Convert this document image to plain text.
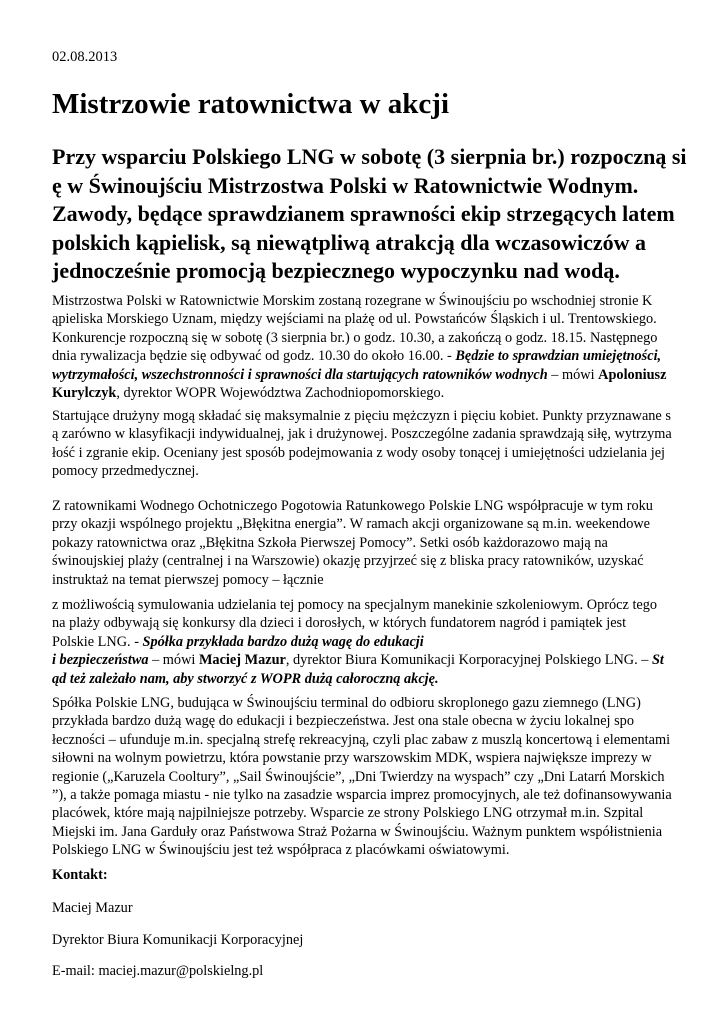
02.08.2013
Mistrzowie ratownictwa w akcji
Przy wsparciu Polskiego LNG w sobotę (3 sierpnia br.) rozpoczną si
ę w Świnoujściu Mistrzostwa Polski w Ratownictwie Wodnym.
Zawody, będące sprawdzianem sprawności ekip strzegących latem
polskich kąpielisk, są niewątpliwą atrakcją dla wczasowiczów a
jednocześnie promocją bezpiecznego wypoczynku nad wodą.
Mistrzostwa Polski w Ratownictwie Morskim zostaną rozegrane w Świnoujściu po wschodniej stronie K
ąpieliska Morskiego Uznam, między wejściami na plażę od ul. Powstańców Śląskich i ul. Trentowskiego.
Konkurencje rozpoczną się w sobotę (3 sierpnia br.) o godz. 10.30, a zakończą o godz. 18.15. Następnego
dnia rywalizacja będzie się odbywać od godz. 10.30 do około 16.00. - Będzie to sprawdzian umiejętności,
wytrzymałości, wszechstronności i sprawności dla startujących ratowników wodnych – mówi Apoloniusz
Kurylczyk, dyrektor WOPR Województwa Zachodniopomorskiego.
Startujące drużyny mogą składać się maksymalnie z pięciu mężczyzn i pięciu kobiet. Punkty przyznawane s
ą zarówno w klasyfikacji indywidualnej, jak i drużynowej. Poszczególne zadania sprawdzają siłę, wytrzyma
łość i zgranie ekip. Oceniany jest sposób podejmowania z wody osoby tonącej i umiejętności udzielania jej
pomocy przedmedycznej.
Z ratownikami Wodnego Ochotniczego Pogotowia Ratunkowego Polskie LNG współpracuje w tym roku
przy okazji wspólnego projektu „Błękitna energia”. W ramach akcji organizowane są m.in. weekendowe
pokazy ratownictwa oraz „Błękitna Szkoła Pierwszej Pomocy”. Setki osób każdorazowo mają na
świnoujskiej plaży (centralnej i na Warszowie) okazję przyjrzeć się z bliska pracy ratowników, uzyskać
instruktaż na temat pierwszej pomocy – łącznie
z możliwością symulowania udzielania tej pomocy na specjalnym manekinie szkoleniowym. Oprócz tego
na plaży odbywają się konkursy dla dzieci i dorosłych, w których fundatorem nagród i pamiątek jest
Polskie LNG. - Spółka przykłada bardzo dużą wagę do edukacji
i bezpieczeństwa – mówi Maciej Mazur, dyrektor Biura Komunikacji Korporacyjnej Polskiego LNG. – St
ąd też zależało nam, aby stworzyć z WOPR dużą całoroczną akcję.
Spółka Polskie LNG, budująca w Świnoujściu terminal do odbioru skroplonego gazu ziemnego (LNG)
przykłada bardzo dużą wagę do edukacji i bezpieczeństwa. Jest ona stale obecna w życiu lokalnej spo
łeczności – ufunduje m.in. specjalną strefę rekreacyjną, czyli plac zabaw z muszlą koncertową i elementami
siłowni na wolnym powietrzu, która powstanie przy warszowskim MDK, wspiera największe imprezy w
regionie („Karuzela Cooltury”, „Sail Świnoujście”, „Dni Twierdzy na wyspach” czy „Dni Latarń Morskich
”), a także pomaga miastu - nie tylko na zasadzie wsparcia imprez promocyjnych, ale też dofinansowywania
placówek, które mają najpilniejsze potrzeby. Wsparcie ze strony Polskiego LNG otrzymał m.in. Szpital
Miejski im. Jana Garduły oraz Państwowa Straż Pożarna w Świnoujściu. Ważnym punktem współistnienia
Polskiego LNG w Świnoujściu jest też współpraca z placówkami oświatowymi.
Kontakt:
Maciej Mazur
Dyrektor Biura Komunikacji Korporacyjnej
E-mail: maciej.mazur@polskielng.pl
